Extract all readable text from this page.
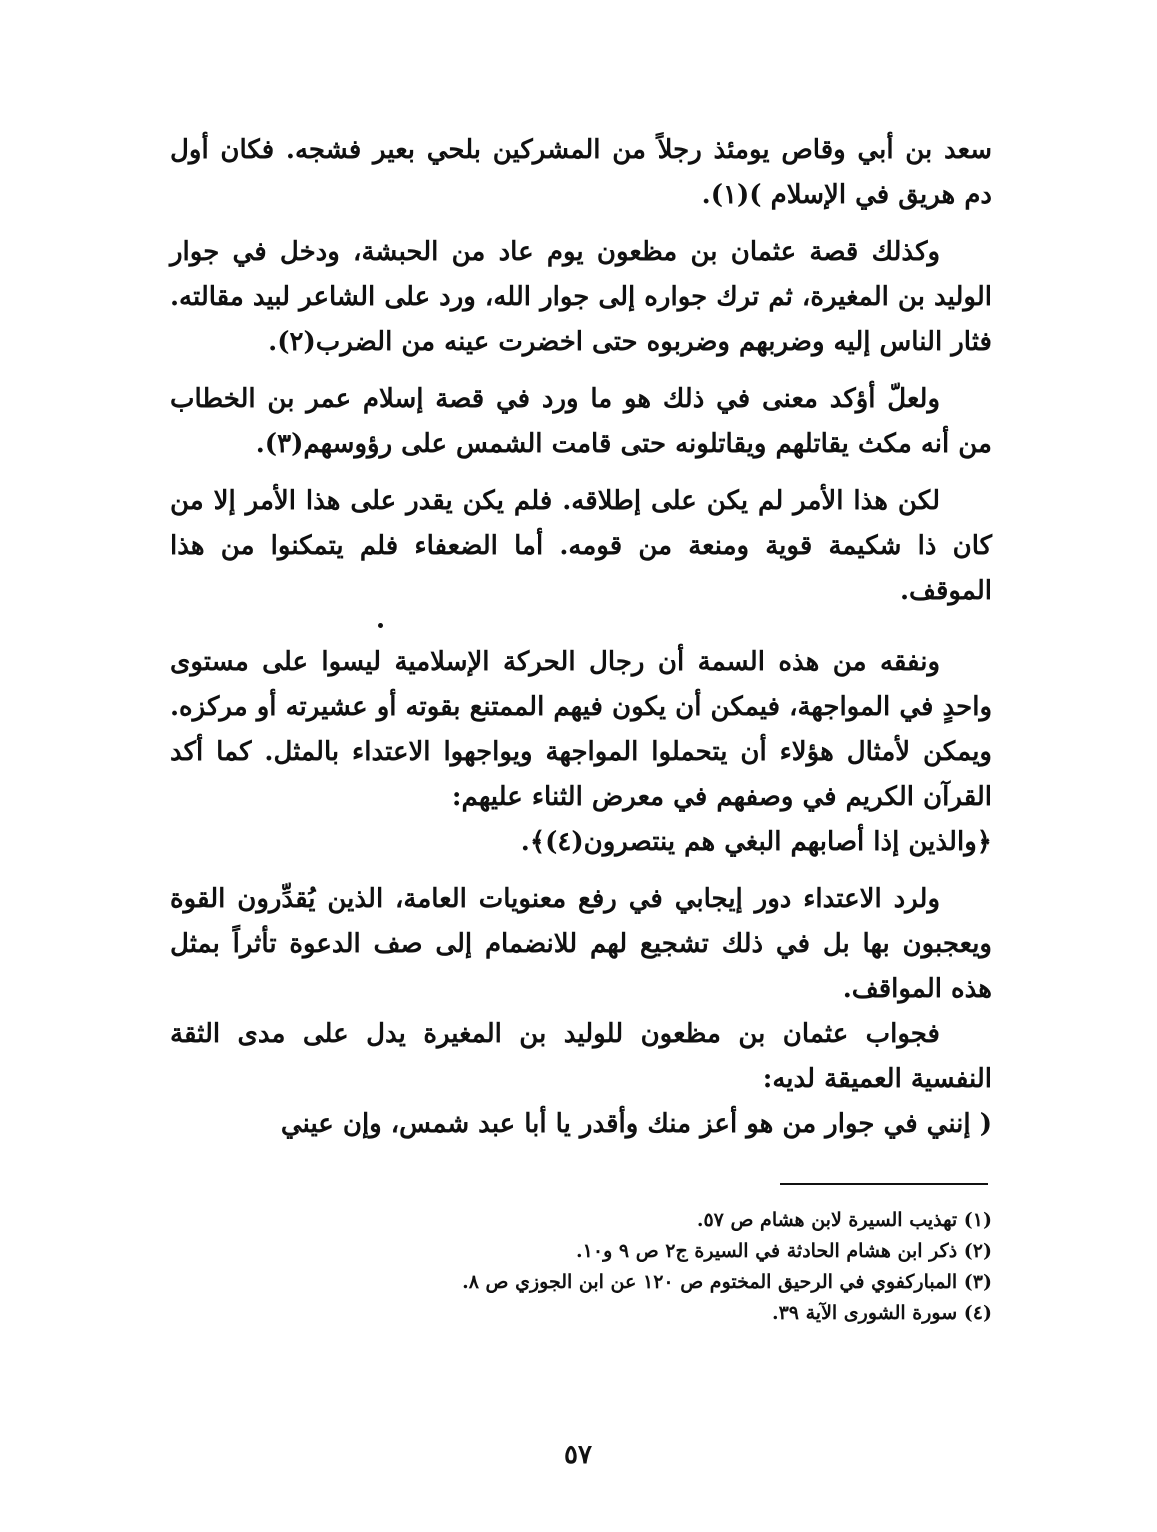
سعد بن أبي وقاص يومئذ رجلاً من المشركين بلحي بعير فشجه. فكان أول دم هريق في الإسلام )(١).

وكذلك قصة عثمان بن مظعون يوم عاد من الحبشة، ودخل في جوار الوليد بن المغيرة، ثم ترك جواره إلى جوار الله، ورد على الشاعر لبيد مقالته. فثار الناس إليه وضربهم وضربوه حتى اخضرت عينه من الضرب(٢).

ولعلّ أؤكد معنى في ذلك هو ما ورد في قصة إسلام عمر بن الخطاب من أنه مكث يقاتلهم ويقاتلونه حتى قامت الشمس على رؤوسهم(٣).

لكن هذا الأمر لم يكن على إطلاقه. فلم يكن يقدر على هذا الأمر إلا من كان ذا شكيمة قوية ومنعة من قومه. أما الضعفاء فلم يتمكنوا من هذا الموقف.

ونفقه من هذه السمة أن رجال الحركة الإسلامية ليسوا على مستوى واحدٍ في المواجهة، فيمكن أن يكون فيهم الممتنع بقوته أو عشيرته أو مركزه. ويمكن لأمثال هؤلاء أن يتحملوا المواجهة ويواجهوا الاعتداء بالمثل. كما أكد القرآن الكريم في وصفهم في معرض الثناء عليهم:

﴿والذين إذا أصابهم البغي هم ينتصرون(٤)﴾.

ولرد الاعتداء دور إيجابي في رفع معنويات العامة، الذين يُقدِّرون القوة ويعجبون بها بل في ذلك تشجيع لهم للانضمام إلى صف الدعوة تأثراً بمثل هذه المواقف.

فجواب عثمان بن مظعون للوليد بن المغيرة يدل على مدى الثقة النفسية العميقة لديه:

( إنني في جوار من هو أعز منك وأقدر يا أبا عبد شمس، وإن عيني

(١) تهذيب السيرة لابن هشام ص ٥٧.

(٢) ذكر ابن هشام الحادثة في السيرة ج٢ ص ٩ و١٠.

(٣) المباركفوي في الرحيق المختوم ص ١٢٠ عن ابن الجوزي ص ٨.

(٤) سورة الشورى الآية ٣٩.

٥٧
